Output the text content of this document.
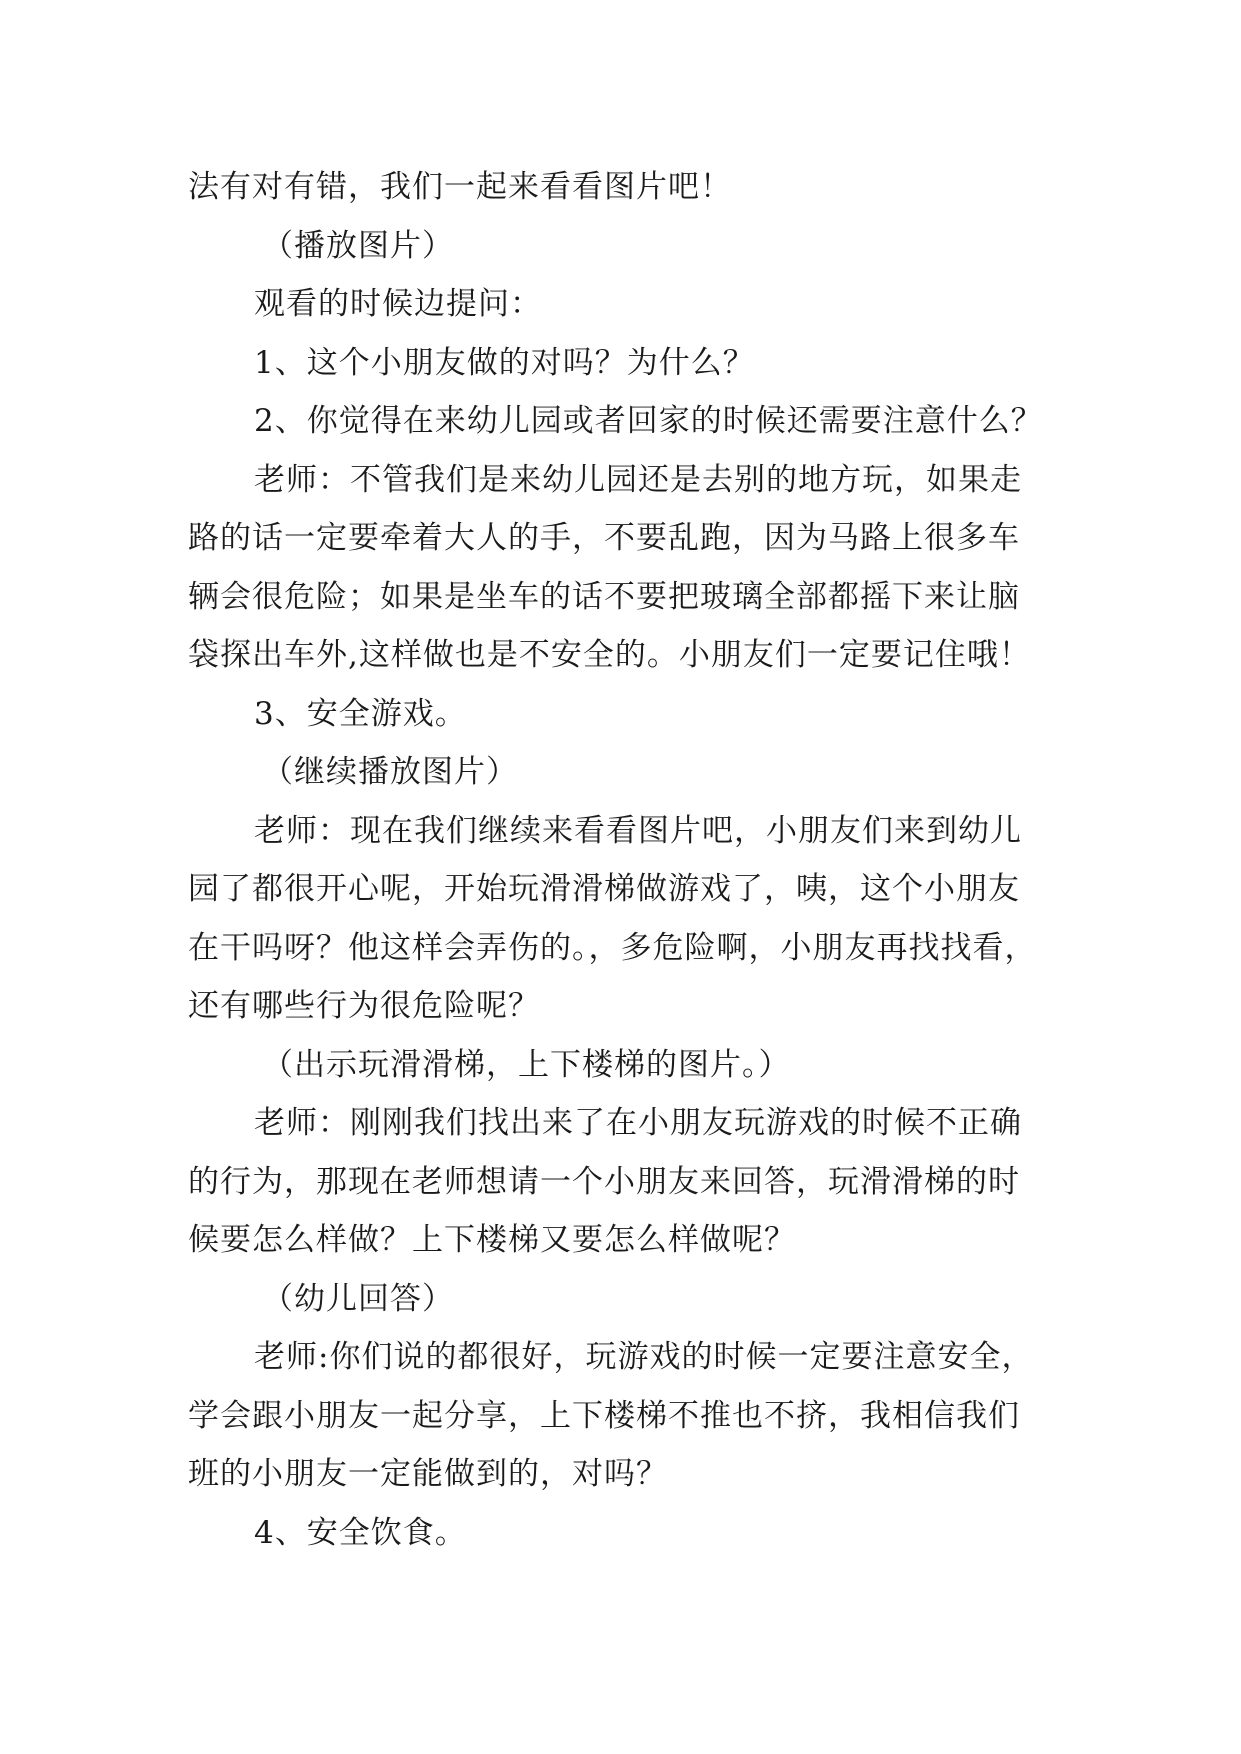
法有对有错，我们一起来看看图片吧！

（播放图片）

观看的时候边提问：

1、这个小朋友做的对吗？为什么？

2、你觉得在来幼儿园或者回家的时候还需要注意什么？

老师：不管我们是来幼儿园还是去别的地方玩，如果走

路的话一定要牵着大人的手，不要乱跑，因为马路上很多车

辆会很危险；如果是坐车的话不要把玻璃全部都摇下来让脑

袋探出车外,这样做也是不安全的。小朋友们一定要记住哦！

3、安全游戏。

（继续播放图片）

老师：现在我们继续来看看图片吧，小朋友们来到幼儿

园了都很开心呢，开始玩滑滑梯做游戏了，咦，这个小朋友

在干吗呀？他这样会弄伤的。，多危险啊，小朋友再找找看，

还有哪些行为很危险呢？

（出示玩滑滑梯，上下楼梯的图片。）

老师：刚刚我们找出来了在小朋友玩游戏的时候不正确

的行为，那现在老师想请一个小朋友来回答，玩滑滑梯的时

候要怎么样做？上下楼梯又要怎么样做呢？

（幼儿回答）

老师:你们说的都很好，玩游戏的时候一定要注意安全，

学会跟小朋友一起分享，上下楼梯不推也不挤，我相信我们

班的小朋友一定能做到的，对吗？

4、安全饮食。
